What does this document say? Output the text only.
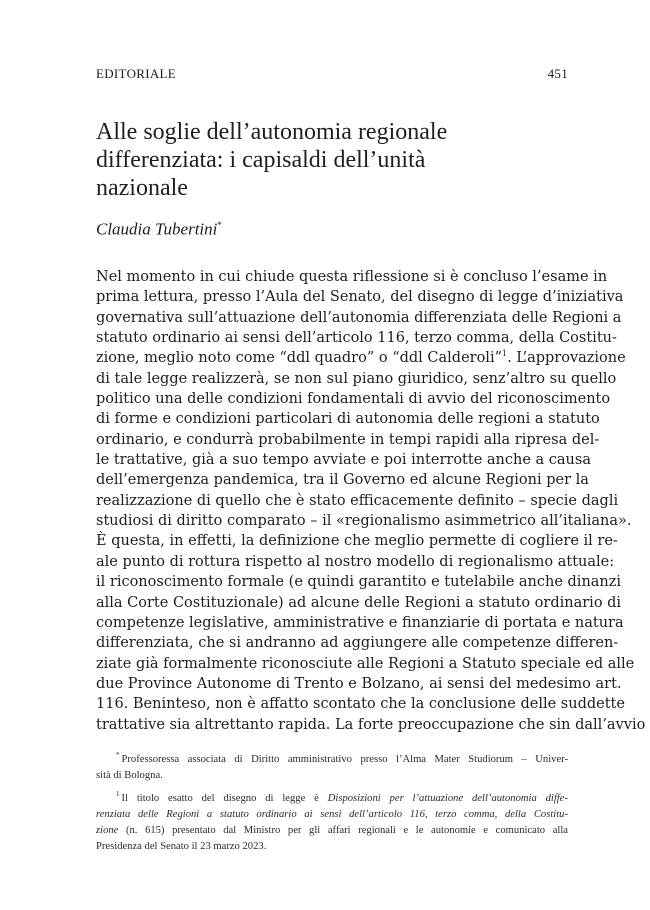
EDITORIALE	451
Alle soglie dell’autonomia regionale
differenziata: i capisaldi dell’unità
nazionale

Claudia Tubertini*

Nel momento in cui chiude questa riflessione si è concluso l’esame in
prima lettura, presso l’Aula del Senato, del disegno di legge d’iniziativa
governativa sull’attuazione dell’autonomia differenziata delle Regioni a
statuto ordinario ai sensi dell’articolo 116, terzo comma, della Costitu-
zione, meglio noto come “ddl quadro” o “ddl Calderoli”$^1$. L’approvazione
di tale legge realizzerà, se non sul piano giuridico, senz’altro su quello
politico una delle condizioni fondamentali di avvio del riconoscimento
di forme e condizioni particolari di autonomia delle regioni a statuto
ordinario, e condurrà probabilmente in tempi rapidi alla ripresa del-
le trattative, già a suo tempo avviate e poi interrotte anche a causa
dell’emergenza pandemica, tra il Governo ed alcune Regioni per la
realizzazione di quello che è stato efficacemente definito – specie dagli
studiosi di diritto comparato – il «regionalismo asimmetrico all’italiana».
È questa, in effetti, la definizione che meglio permette di cogliere il re-
ale punto di rottura rispetto al nostro modello di regionalismo attuale:
il riconoscimento formale (e quindi garantito e tutelabile anche dinanzi
alla Corte Costituzionale) ad alcune delle Regioni a statuto ordinario di
competenze legislative, amministrative e finanziarie di portata e natura
differenziata, che si andranno ad aggiungere alle competenze differen-
ziate già formalmente riconosciute alle Regioni a Statuto speciale ed alle
due Province Autonome di Trento e Bolzano, ai sensi del medesimo art.
116. Beninteso, non è affatto scontato che la conclusione delle suddette
trattative sia altrettanto rapida. La forte preoccupazione che sin dall’avvio
* Professoressa associata di Diritto amministrativo presso l’Alma Mater Studiorum – Univer-
sità di Bologna.
$^1$ Il titolo esatto del disegno di legge è Disposizioni per l’attuazione dell’autonomia diffe-
renziata delle Regioni a statuto ordinario ai sensi dell’articolo 116, terzo comma, della Costitu-
zione (n. 615) presentato dal Ministro per gli affari regionali e le autonomie e comunicato alla
Presidenza del Senato il 23 marzo 2023.
